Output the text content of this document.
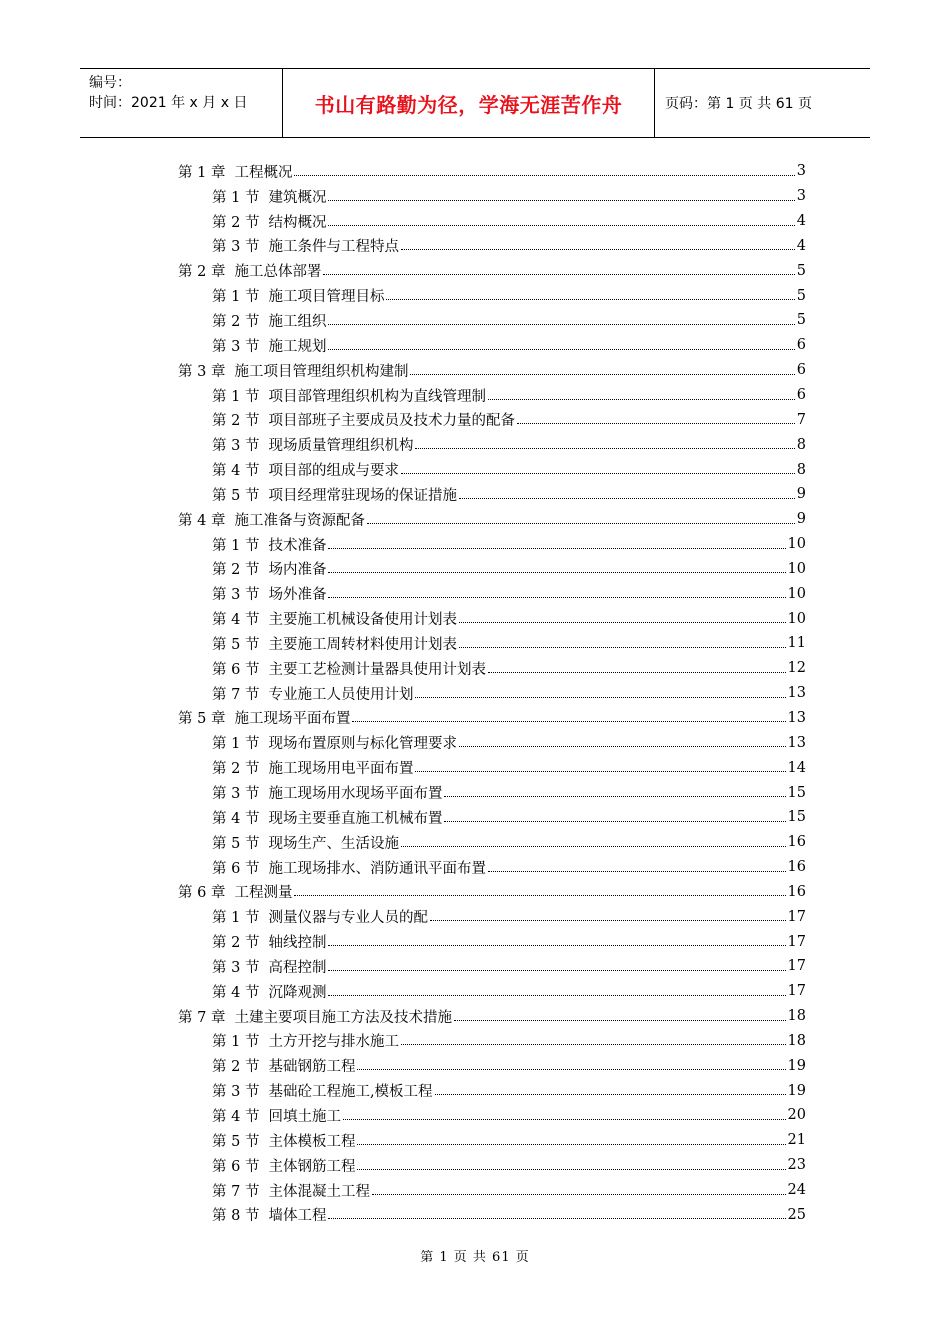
编号：
时间：2021 年 x 月 x 日	书山有路勤为径，学海无涯苦作舟	页码：第 1 页 共 61 页
第 1 章 工程概况	3
第 1 节 建筑概况	3
第 2 节 结构概况	4
第 3 节 施工条件与工程特点	4
第 2 章 施工总体部署	5
第 1 节 施工项目管理目标	5
第 2 节 施工组织	5
第 3 节 施工规划	6
第 3 章 施工项目管理组织机构建制	6
第 1 节 项目部管理组织机构为直线管理制	6
第 2 节 项目部班子主要成员及技术力量的配备	7
第 3 节 现场质量管理组织机构	8
第 4 节 项目部的组成与要求	8
第 5 节 项目经理常驻现场的保证措施	9
第 4 章 施工准备与资源配备	9
第 1 节 技术准备	10
第 2 节 场内准备	10
第 3 节 场外准备	10
第 4 节 主要施工机械设备使用计划表	10
第 5 节 主要施工周转材料使用计划表	11
第 6 节 主要工艺检测计量器具使用计划表	12
第 7 节 专业施工人员使用计划	13
第 5 章 施工现场平面布置	13
第 1 节 现场布置原则与标化管理要求	13
第 2 节 施工现场用电平面布置	14
第 3 节 施工现场用水现场平面布置	15
第 4 节 现场主要垂直施工机械布置	15
第 5 节 现场生产、生活设施	16
第 6 节 施工现场排水、消防通讯平面布置	16
第 6 章 工程测量	16
第 1 节 测量仪器与专业人员的配	17
第 2 节 轴线控制	17
第 3 节 高程控制	17
第 4 节 沉降观测	17
第 7 章 土建主要项目施工方法及技术措施	18
第 1 节 土方开挖与排水施工	18
第 2 节 基础钢筋工程	19
第 3 节 基础砼工程施工,模板工程	19
第 4 节 回填土施工	20
第 5 节 主体模板工程	21
第 6 节 主体钢筋工程	23
第 7 节 主体混凝土工程	24
第 8 节 墙体工程	25
第 1 页 共 61 页
